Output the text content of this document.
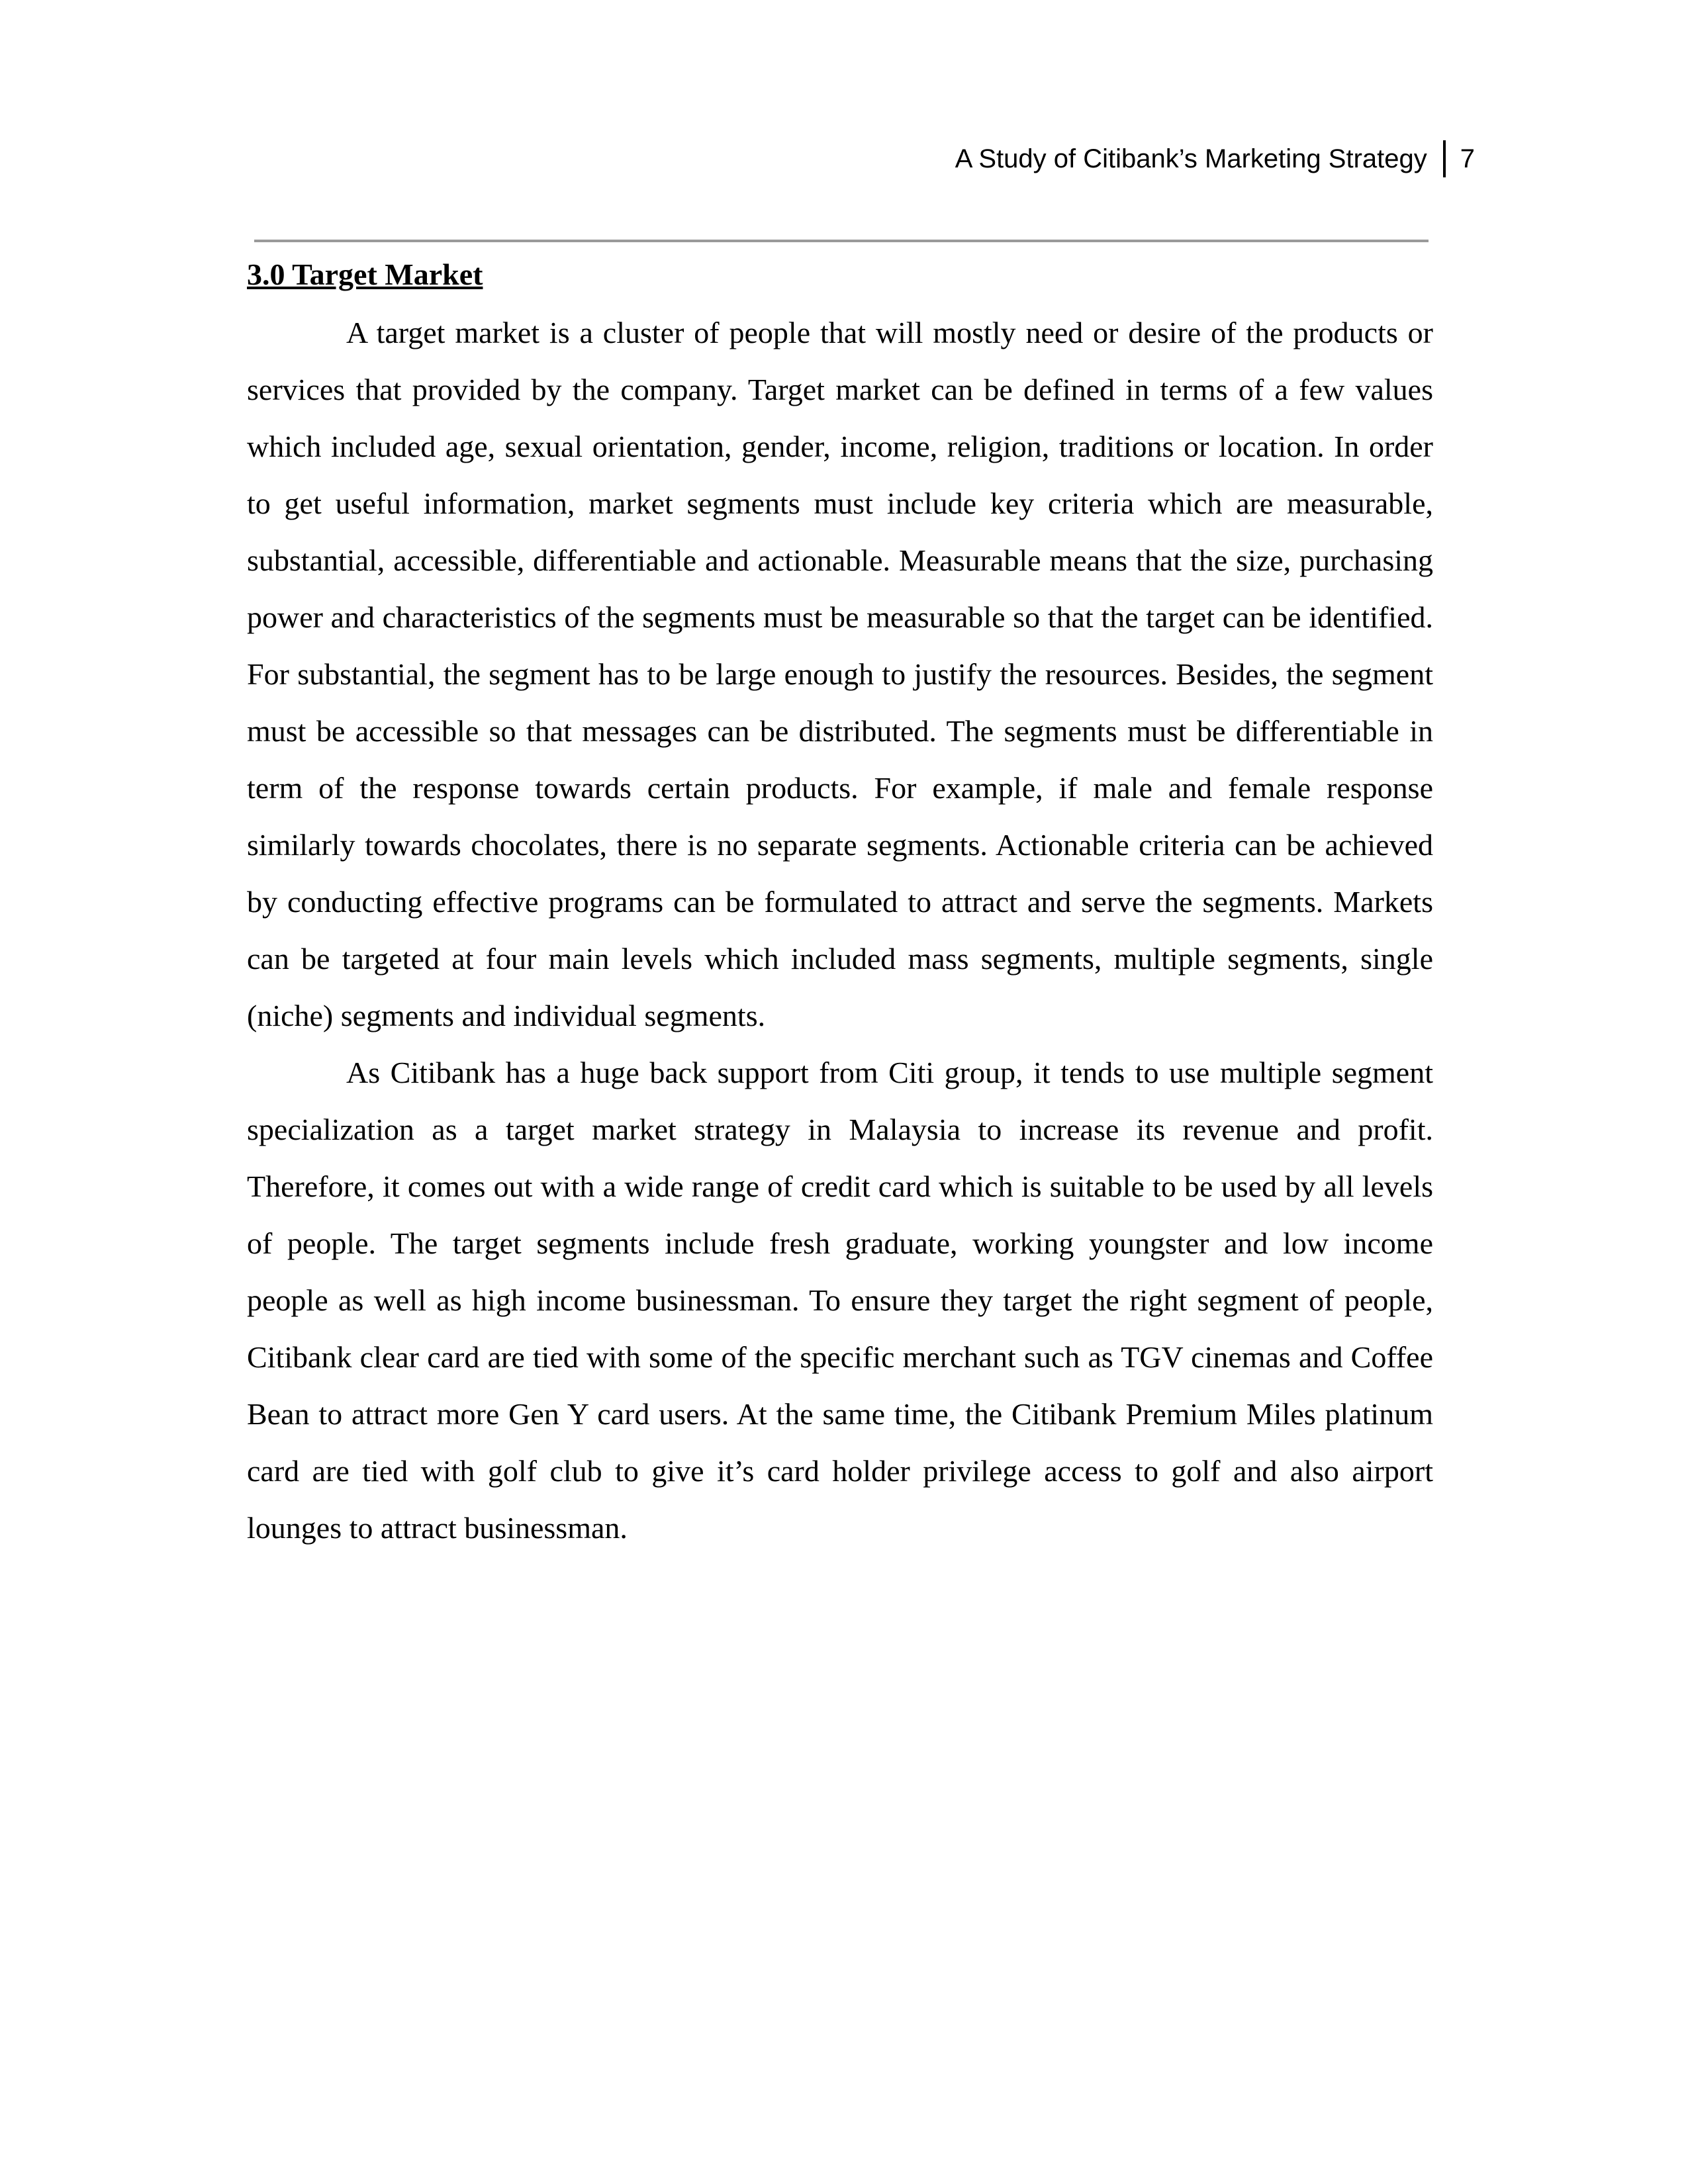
A Study of Citibank’s Marketing Strategy 7
3.0 Target Market

A target market is a cluster of people that will mostly need or desire of the products or services that provided by the company. Target market can be defined in terms of a few values which included age, sexual orientation, gender, income, religion, traditions or location. In order to get useful information, market segments must include key criteria which are measurable, substantial, accessible, differentiable and actionable. Measurable means that the size, purchasing power and characteristics of the segments must be measurable so that the target can be identified. For substantial, the segment has to be large enough to justify the resources. Besides, the segment must be accessible so that messages can be distributed. The segments must be differentiable in term of the response towards certain products. For example, if male and female response similarly towards chocolates, there is no separate segments. Actionable criteria can be achieved by conducting effective programs can be formulated to attract and serve the segments. Markets can be targeted at four main levels which included mass segments, multiple segments, single (niche) segments and individual segments.

As Citibank has a huge back support from Citi group, it tends to use multiple segment specialization as a target market strategy in Malaysia to increase its revenue and profit. Therefore, it comes out with a wide range of credit card which is suitable to be used by all levels of people. The target segments include fresh graduate, working youngster and low income people as well as high income businessman. To ensure they target the right segment of people, Citibank clear card are tied with some of the specific merchant such as TGV cinemas and Coffee Bean to attract more Gen Y card users. At the same time, the Citibank Premium Miles platinum card are tied with golf club to give it’s card holder privilege access to golf and also airport lounges to attract businessman.
